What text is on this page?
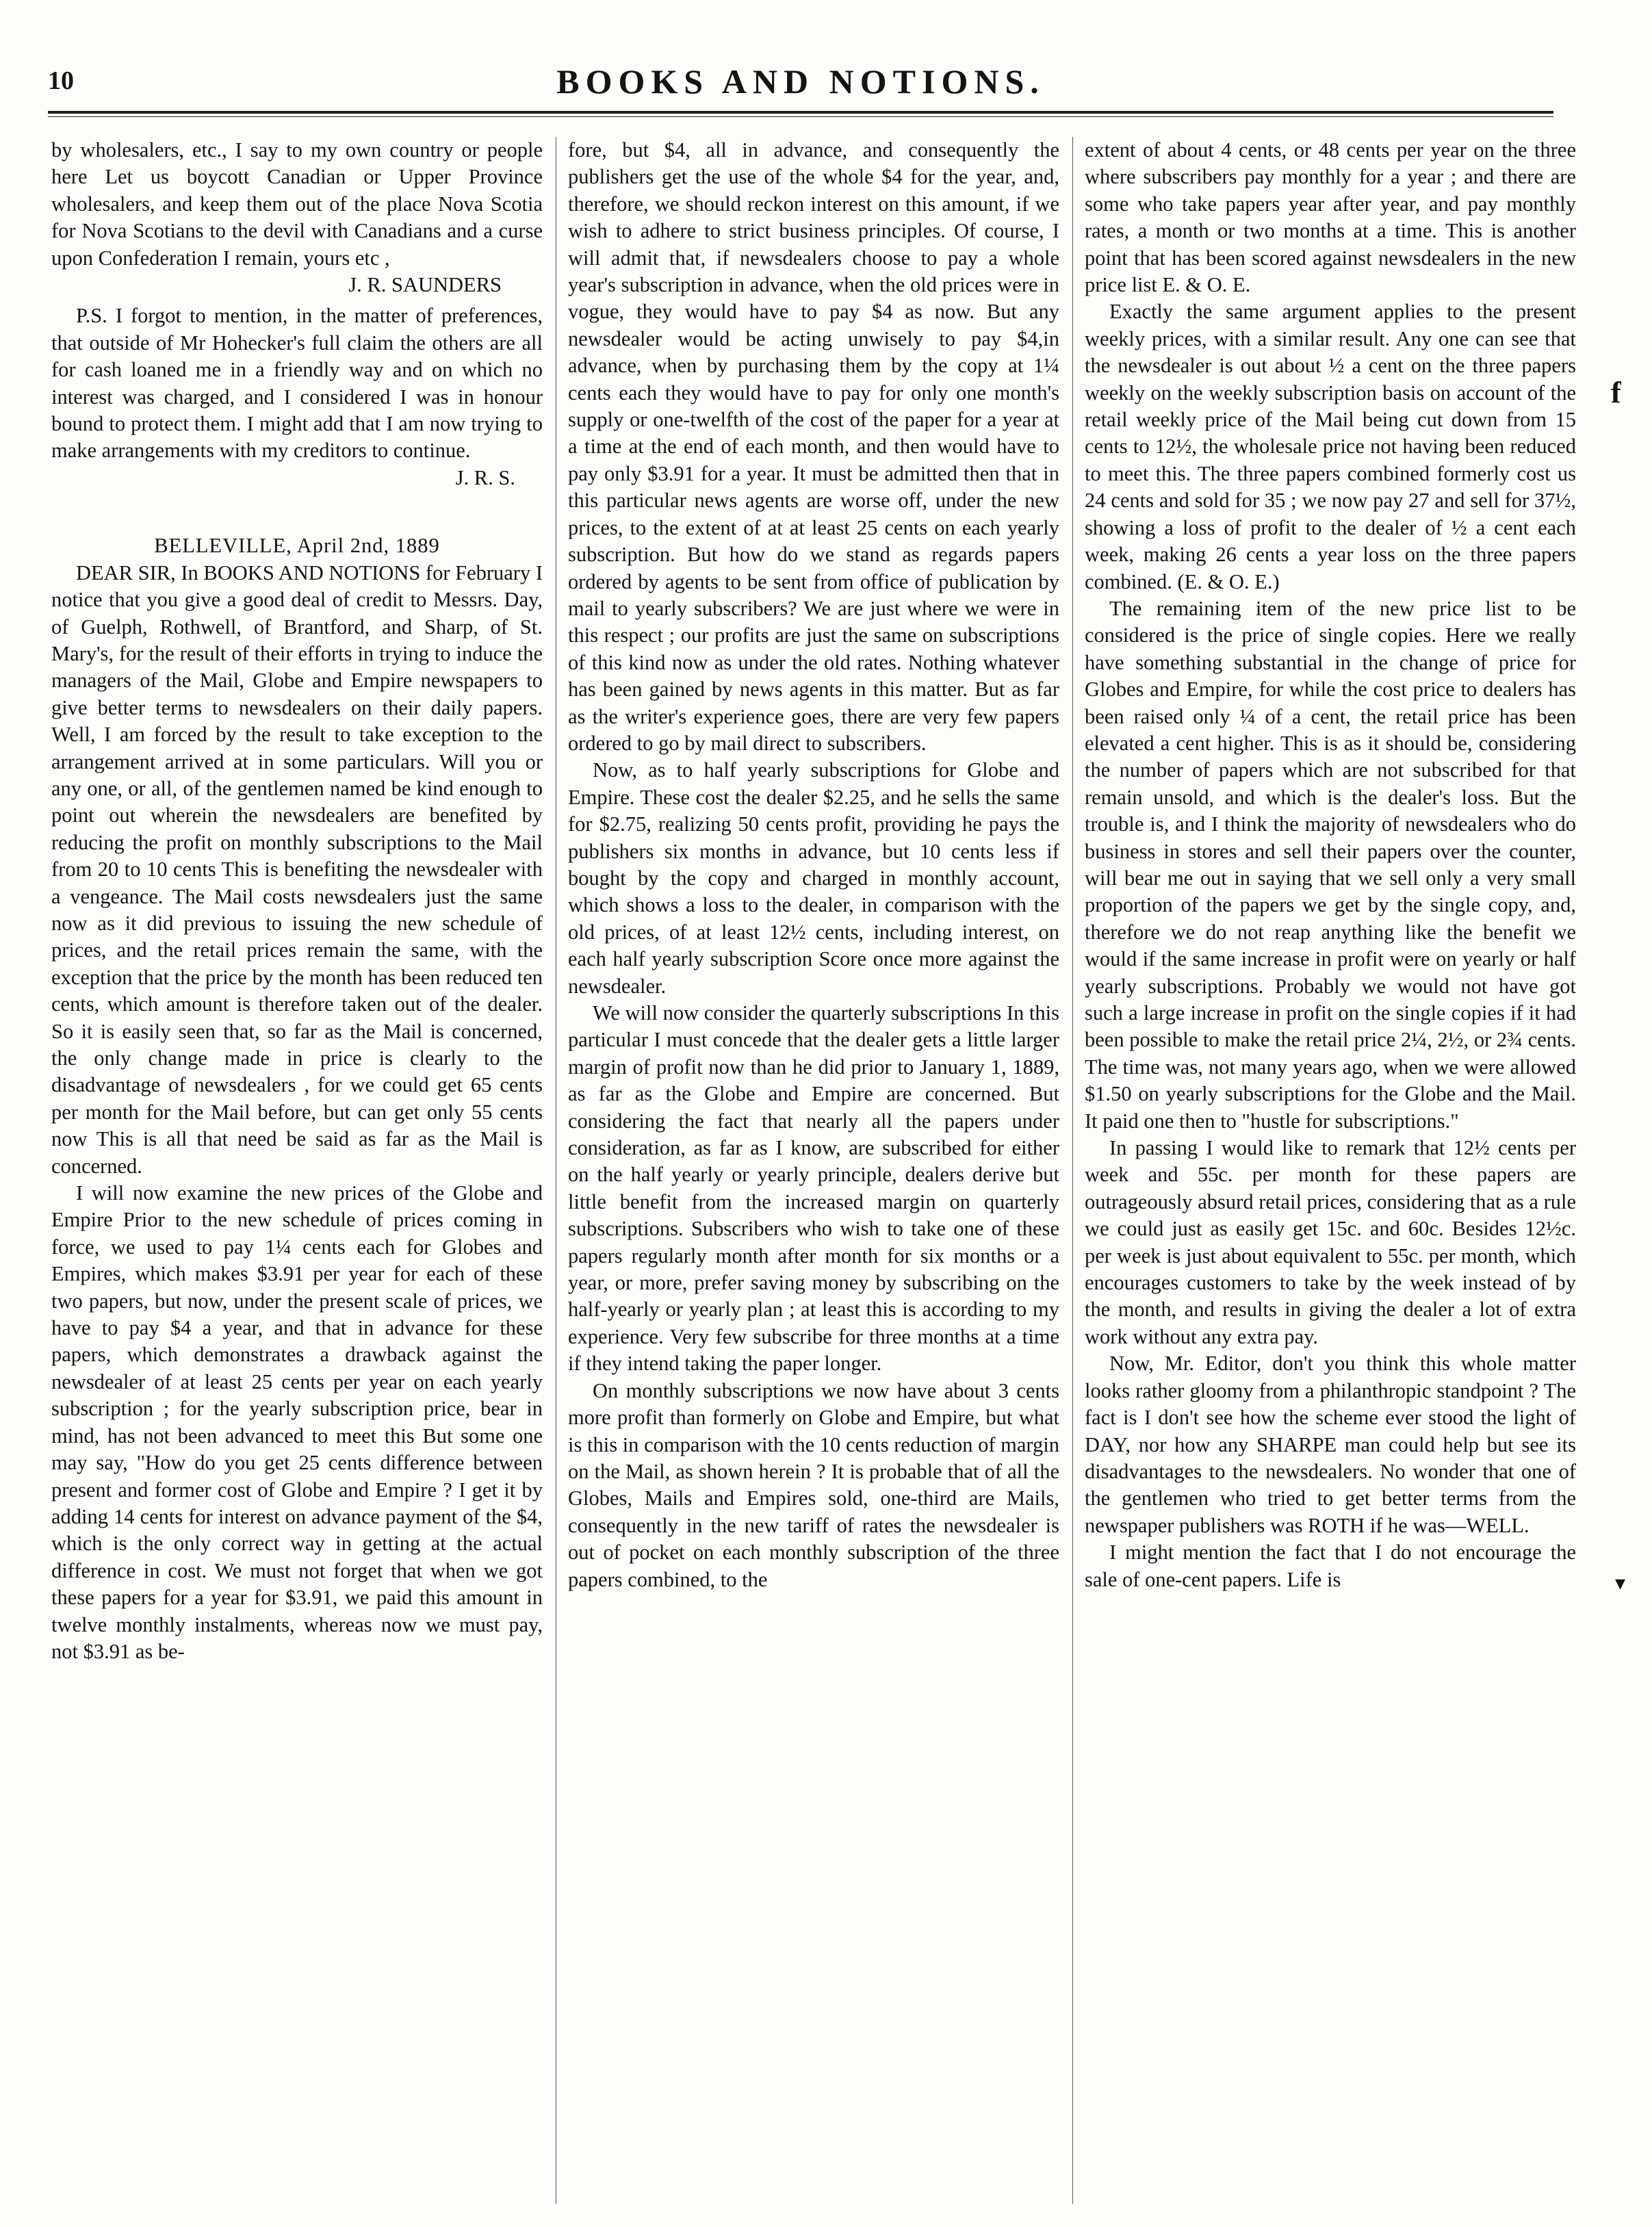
10	BOOKS AND NOTIONS.

by wholesalers, etc., I say to my own country or people here Let us boycott Canadian or Upper Province wholesalers, and keep them out of the place Nova Scotia for Nova Scotians to the devil with Canadians and a curse upon Confederation I remain, yours etc ,

J. R. SAUNDERS

P.S. I forgot to mention, in the matter of preferences, that outside of Mr Hohecker's full claim the others are all for cash loaned me in a friendly way and on which no interest was charged, and I considered I was in honour bound to protect them. I might add that I am now trying to make arrangements with my creditors to continue.

J. R. S.

BELLEVILLE, April 2nd, 1889

DEAR SIR, In BOOKS AND NOTIONS for February I notice that you give a good deal of credit to Messrs. Day, of Guelph, Rothwell, of Brantford, and Sharp, of St. Mary's, for the result of their efforts in trying to induce the managers of the Mail, Globe and Empire newspapers to give better terms to newsdealers on their daily papers. Well, I am forced by the result to take exception to the arrangement arrived at in some particulars. Will you or any one, or all, of the gentlemen named be kind enough to point out wherein the newsdealers are benefited by reducing the profit on monthly subscriptions to the Mail from 20 to 10 cents This is benefiting the newsdealer with a vengeance. The Mail costs newsdealers just the same now as it did previous to issuing the new schedule of prices, and the retail prices remain the same, with the exception that the price by the month has been reduced ten cents, which amount is therefore taken out of the dealer. So it is easily seen that, so far as the Mail is concerned, the only change made in price is clearly to the disadvantage of newsdealers , for we could get 65 cents per month for the Mail before, but can get only 55 cents now This is all that need be said as far as the Mail is concerned.

I will now examine the new prices of the Globe and Empire Prior to the new schedule of prices coming in force, we used to pay 1¼ cents each for Globes and Empires, which makes $3.91 per year for each of these two papers, but now, under the present scale of prices, we have to pay $4 a year, and that in advance for these papers, which demonstrates a drawback against the newsdealer of at least 25 cents per year on each yearly subscription ; for the yearly subscription price, bear in mind, has not been advanced to meet this But some one may say, "How do you get 25 cents difference between present and former cost of Globe and Empire ? I get it by adding 14 cents for interest on advance payment of the $4, which is the only correct way in getting at the actual difference in cost. We must not forget that when we got these papers for a year for $3.91, we paid this amount in twelve monthly instalments, whereas now we must pay, not $3.91 as be-

fore, but $4, all in advance, and consequently the publishers get the use of the whole $4 for the year, and, therefore, we should reckon interest on this amount, if we wish to adhere to strict business principles. Of course, I will admit that, if newsdealers choose to pay a whole year's subscription in advance, when the old prices were in vogue, they would have to pay $4 as now. But any newsdealer would be acting unwisely to pay $4,in advance, when by purchasing them by the copy at 1¼ cents each they would have to pay for only one month's supply or one-twelfth of the cost of the paper for a year at a time at the end of each month, and then would have to pay only $3.91 for a year. It must be admitted then that in this particular news agents are worse off, under the new prices, to the extent of at at least 25 cents on each yearly subscription. But how do we stand as regards papers ordered by agents to be sent from office of publication by mail to yearly subscribers? We are just where we were in this respect ; our profits are just the same on subscriptions of this kind now as under the old rates. Nothing whatever has been gained by news agents in this matter. But as far as the writer's experience goes, there are very few papers ordered to go by mail direct to subscribers.

Now, as to half yearly subscriptions for Globe and Empire. These cost the dealer $2.25, and he sells the same for $2.75, realizing 50 cents profit, providing he pays the publishers six months in advance, but 10 cents less if bought by the copy and charged in monthly account, which shows a loss to the dealer, in comparison with the old prices, of at least 12½ cents, including interest, on each half yearly subscription Score once more against the newsdealer.

We will now consider the quarterly subscriptions In this particular I must concede that the dealer gets a little larger margin of profit now than he did prior to January 1, 1889, as far as the Globe and Empire are concerned. But considering the fact that nearly all the papers under consideration, as far as I know, are subscribed for either on the half yearly or yearly principle, dealers derive but little benefit from the increased margin on quarterly subscriptions. Subscribers who wish to take one of these papers regularly month after month for six months or a year, or more, prefer saving money by subscribing on the half-yearly or yearly plan ; at least this is according to my experience. Very few subscribe for three months at a time if they intend taking the paper longer.

On monthly subscriptions we now have about 3 cents more profit than formerly on Globe and Empire, but what is this in comparison with the 10 cents reduction of margin on the Mail, as shown herein ? It is probable that of all the Globes, Mails and Empires sold, one-third are Mails, consequently in the new tariff of rates the newsdealer is out of pocket on each monthly subscription of the three papers combined, to the

extent of about 4 cents, or 48 cents per year on the three where subscribers pay monthly for a year ; and there are some who take papers year after year, and pay monthly rates, a month or two months at a time. This is another point that has been scored against newsdealers in the new price list E. & O. E.

Exactly the same argument applies to the present weekly prices, with a similar result. Any one can see that the newsdealer is out about ½ a cent on the three papers weekly on the weekly subscription basis on account of the retail weekly price of the Mail being cut down from 15 cents to 12½, the wholesale price not having been reduced to meet this. The three papers combined formerly cost us 24 cents and sold for 35 ; we now pay 27 and sell for 37½, showing a loss of profit to the dealer of ½ a cent each week, making 26 cents a year loss on the three papers combined. (E. & O. E.)

The remaining item of the new price list to be considered is the price of single copies. Here we really have something substantial in the change of price for Globes and Empire, for while the cost price to dealers has been raised only ¼ of a cent, the retail price has been elevated a cent higher. This is as it should be, considering the number of papers which are not subscribed for that remain unsold, and which is the dealer's loss. But the trouble is, and I think the majority of newsdealers who do business in stores and sell their papers over the counter, will bear me out in saying that we sell only a very small proportion of the papers we get by the single copy, and, therefore we do not reap anything like the benefit we would if the same increase in profit were on yearly or half yearly subscriptions. Probably we would not have got such a large increase in profit on the single copies if it had been possible to make the retail price 2¼, 2½, or 2¾ cents. The time was, not many years ago, when we were allowed $1.50 on yearly subscriptions for the Globe and the Mail. It paid one then to "hustle for subscriptions."

In passing I would like to remark that 12½ cents per week and 55c. per month for these papers are outrageously absurd retail prices, considering that as a rule we could just as easily get 15c. and 60c. Besides 12½c. per week is just about equivalent to 55c. per month, which encourages customers to take by the week instead of by the month, and results in giving the dealer a lot of extra work without any extra pay.

Now, Mr. Editor, don't you think this whole matter looks rather gloomy from a philanthropic standpoint ? The fact is I don't see how the scheme ever stood the light of DAY, nor how any SHARPE man could help but see its disadvantages to the newsdealers. No wonder that one of the gentlemen who tried to get better terms from the newspaper publishers was ROTH if he was—WELL.

I might mention the fact that I do not encourage the sale of one-cent papers. Life is

f
▾
